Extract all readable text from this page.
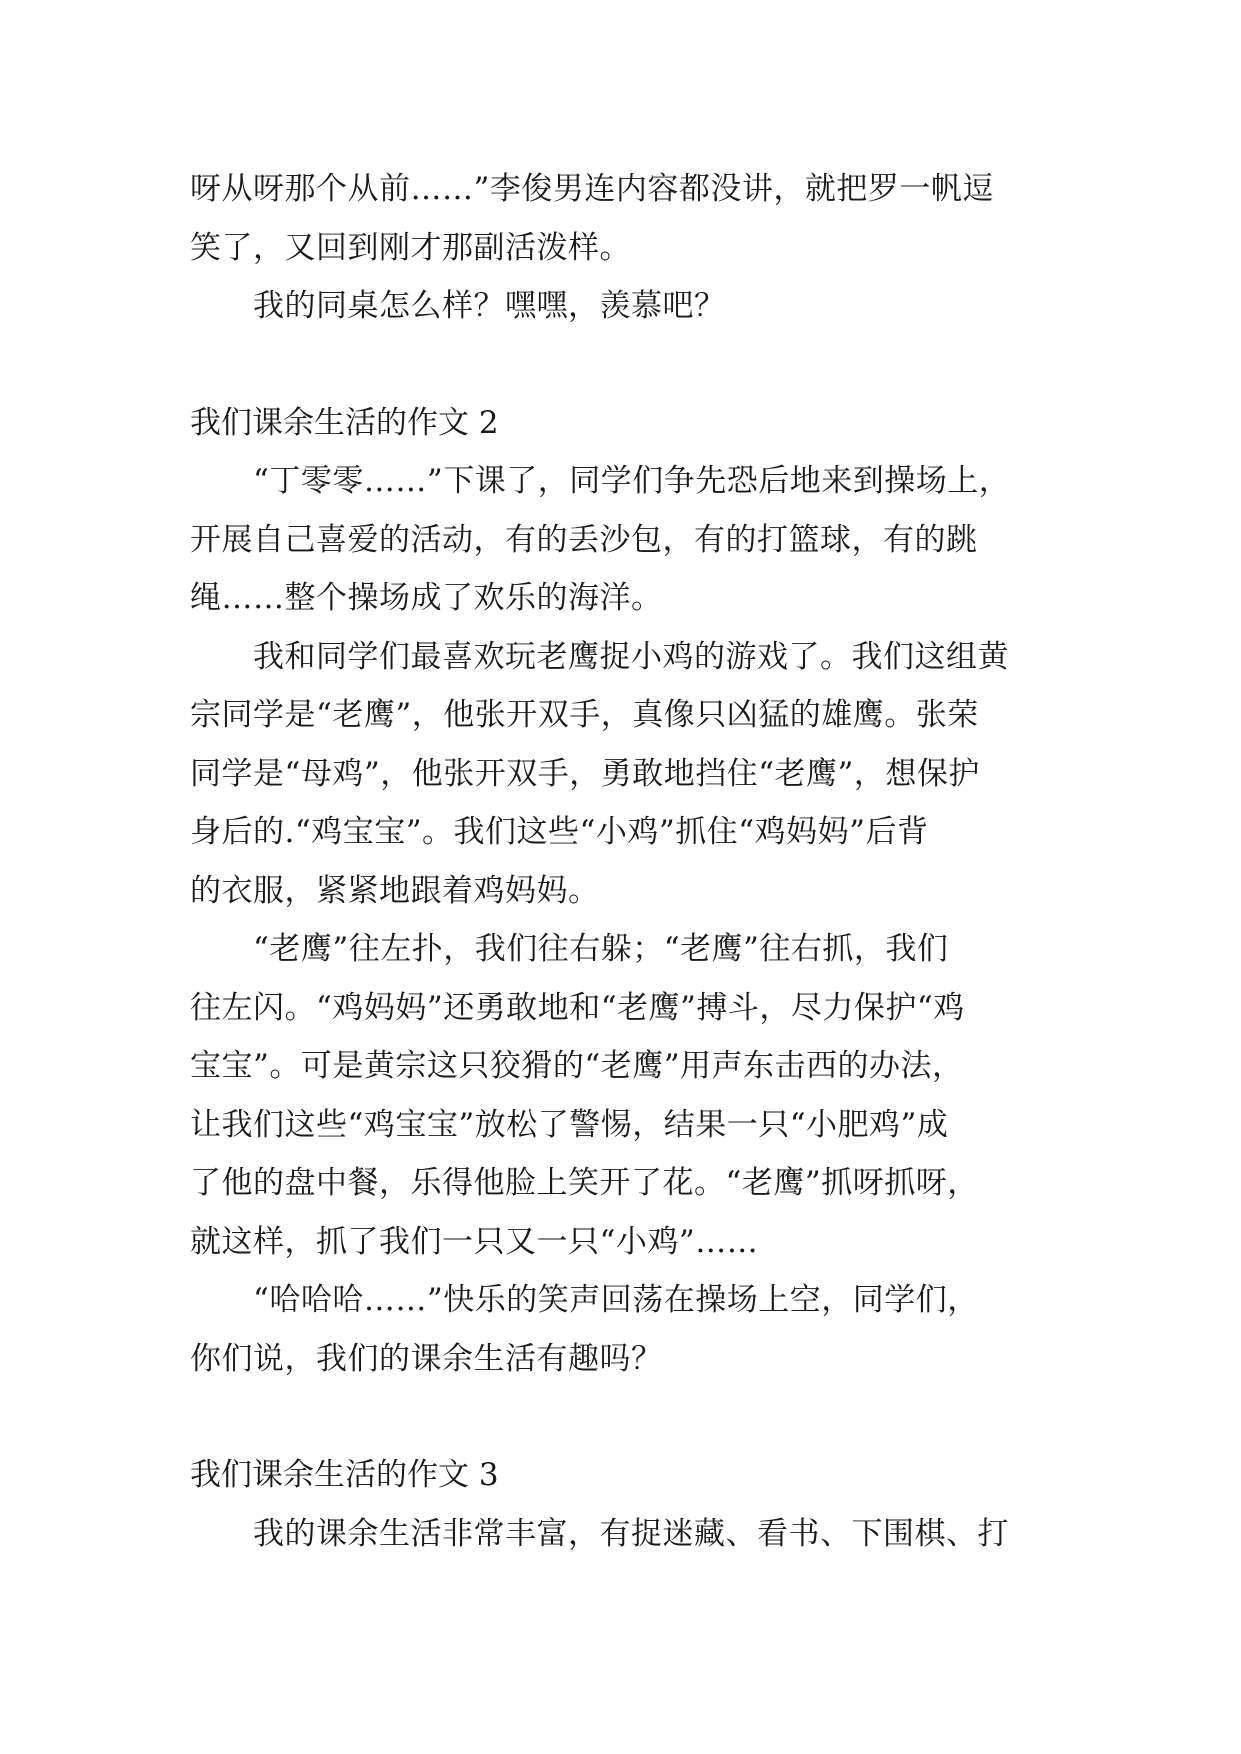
呀从呀那个从前……”李俊男连内容都没讲，就把罗一帆逗
笑了，又回到刚才那副活泼样。
我的同桌怎么样？嘿嘿，羡慕吧？
我们课余生活的作文 2
“丁零零……”下课了，同学们争先恐后地来到操场上，
开展自己喜爱的活动，有的丢沙包，有的打篮球，有的跳
绳……整个操场成了欢乐的海洋。
我和同学们最喜欢玩老鹰捉小鸡的游戏了。我们这组黄
宗同学是“老鹰”，他张开双手，真像只凶猛的雄鹰。张荣
同学是“母鸡”，他张开双手，勇敢地挡住“老鹰”，想保护
身后的.“鸡宝宝”。我们这些“小鸡”抓住“鸡妈妈”后背
的衣服，紧紧地跟着鸡妈妈。
“老鹰”往左扑，我们往右躲；“老鹰”往右抓，我们
往左闪。“鸡妈妈”还勇敢地和“老鹰”搏斗，尽力保护“鸡
宝宝”。可是黄宗这只狡猾的“老鹰”用声东击西的办法，
让我们这些“鸡宝宝”放松了警惕，结果一只“小肥鸡”成
了他的盘中餐，乐得他脸上笑开了花。“老鹰”抓呀抓呀，
就这样，抓了我们一只又一只“小鸡”……
“哈哈哈……”快乐的笑声回荡在操场上空，同学们，
你们说，我们的课余生活有趣吗？
我们课余生活的作文 3
我的课余生活非常丰富，有捉迷藏、看书、下围棋、打
